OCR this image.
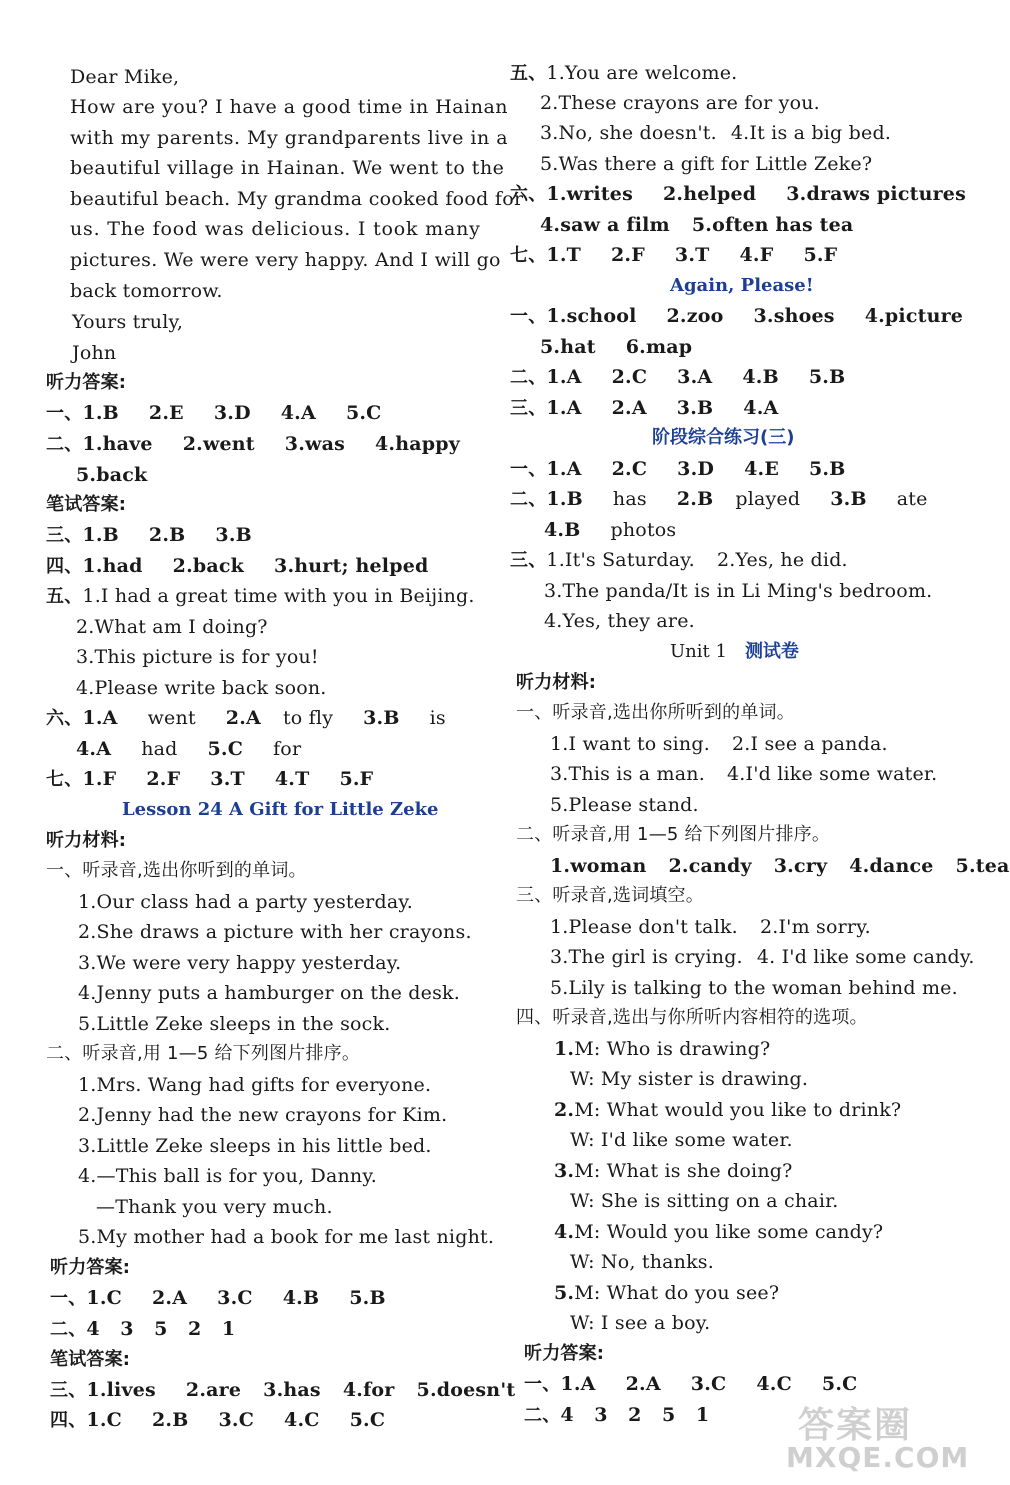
Dear Mike,
How are you? I have a good time in Hainan
with my parents. My grandparents live in a
beautiful village in Hainan. We went to the
beautiful beach. My grandma cooked food for
us. The food was delicious. I took many
pictures. We were very happy. And I will go
back tomorrow.
Yours truly,
John
听力答案:
一、1.B 2.E 3.D 4.A 5.C
二、1.have 2.went 3.was 4.happy
5.back
笔试答案:
三、1.B 2.B 3.B
四、1.had 2.back 3.hurt; helped
五、1.I had a great time with you in Beijing.
2.What am I doing?
3.This picture is for you!
4.Please write back soon.
六、1.A went 2.A to fly 3.B is
4.A had 5.C for
七、1.F 2.F 3.T 4.T 5.F
Lesson 24 A Gift for Little Zeke
听力材料:
一、听录音,选出你听到的单词。
1.Our class had a party yesterday.
2.She draws a picture with her crayons.
3.We were very happy yesterday.
4.Jenny puts a hamburger on the desk.
5.Little Zeke sleeps in the sock.
二、听录音,用 1—5 给下列图片排序。
1.Mrs. Wang had gifts for everyone.
2.Jenny had the new crayons for Kim.
3.Little Zeke sleeps in his little bed.
4.—This ball is for you, Danny.
—Thank you very much.
5.My mother had a book for me last night.
听力答案:
一、1.C 2.A 3.C 4.B 5.B
二、4   3   5   2   1
笔试答案:
三、1.lives 2.are 3.has 4.for 5.doesn't
四、1.C 2.B 3.C 4.C 5.C
五、1.You are welcome.
2.These crayons are for you.
3.No, she doesn't. 4.It is a big bed.
5.Was there a gift for Little Zeke?
六、1.writes 2.helped 3.draws pictures
4.saw a film 5.often has tea
七、1.T 2.F 3.T 4.F 5.F
Again, Please!
一、1.school 2.zoo 3.shoes 4.picture
5.hat 6.map
二、1.A 2.C 3.A 4.B 5.B
三、1.A 2.A 3.B 4.A
阶段综合练习(三)
一、1.A 2.C 3.D 4.E 5.B
二、1.B has 2.B played 3.B ate
4.B photos
三、1.It's Saturday. 2.Yes, he did.
3.The panda/It is in Li Ming's bedroom.
4.Yes, they are.
Unit 1 测试卷
听力材料:
一、听录音,选出你所听到的单词。
1.I want to sing. 2.I see a panda.
3.This is a man. 4.I'd like some water.
5.Please stand.
二、听录音,用 1—5 给下列图片排序。
1.woman 2.candy 3.cry 4.dance 5.tea
三、听录音,选词填空。
1.Please don't talk. 2.I'm sorry.
3.The girl is crying. 4. I'd like some candy.
5.Lily is talking to the woman behind me.
四、听录音,选出与你所听内容相符的选项。
1.M: Who is drawing?
W: My sister is drawing.
2.M: What would you like to drink?
W: I'd like some water.
3.M: What is she doing?
W: She is sitting on a chair.
4.M: Would you like some candy?
W: No, thanks.
5.M: What do you see?
W: I see a boy.
听力答案:
一、1.A 2.A 3.C 4.C 5.C
二、4   3   2   5   1 答案圈
MXQE.COM
